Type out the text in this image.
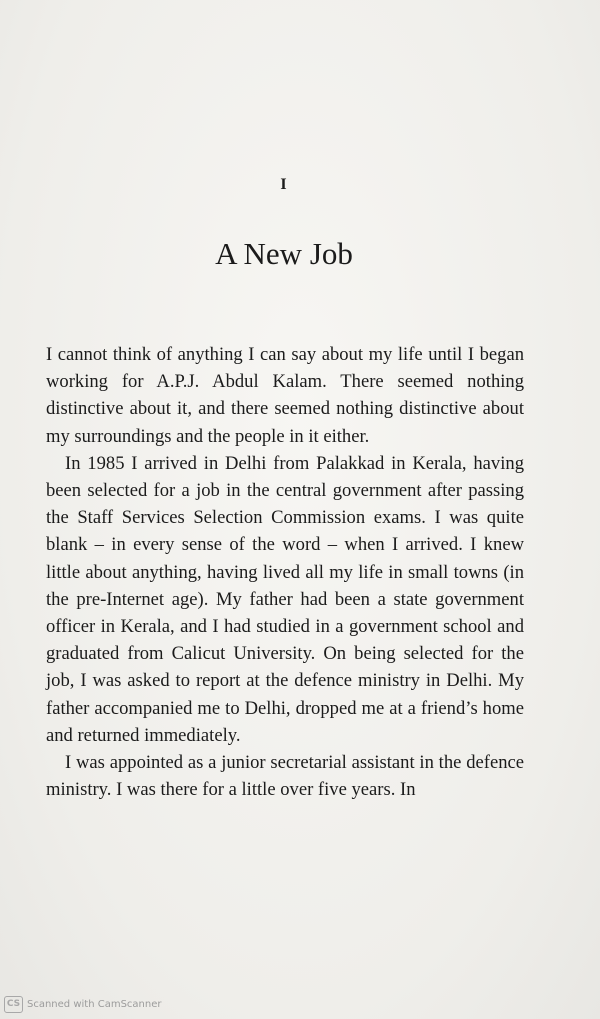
I
A New Job

I cannot think of anything I can say about my life until I began working for A.P.J. Abdul Kalam. There seemed nothing distinctive about it, and there seemed nothing distinctive about my surroundings and the people in it either.

In 1985 I arrived in Delhi from Palakkad in Kerala, having been selected for a job in the central government after passing the Staff Services Selection Commission exams. I was quite blank – in every sense of the word – when I arrived. I knew little about anything, having lived all my life in small towns (in the pre-Internet age). My father had been a state government officer in Kerala, and I had studied in a government school and graduated from Calicut University. On being selected for the job, I was asked to report at the defence ministry in Delhi. My father accompanied me to Delhi, dropped me at a friend’s home and returned immediately.

I was appointed as a junior secretarial assistant in the defence ministry. I was there for a little over five years. In

CS Scanned with CamScanner
